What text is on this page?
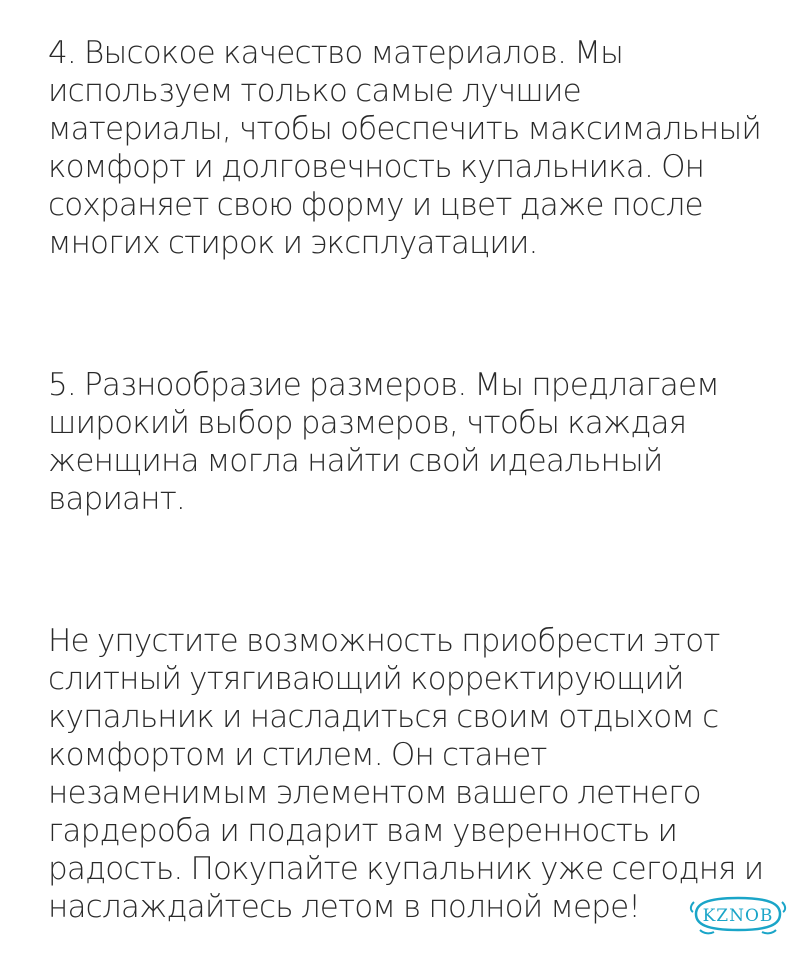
4. Высокое качество материалов. Мы
используем только самые лучшие
материалы, чтобы обеспечить максимальный
комфорт и долговечность купальника. Он
сохраняет свою форму и цвет даже после
многих стирок и эксплуатации.

5. Разнообразие размеров. Мы предлагаем
широкий выбор размеров, чтобы каждая
женщина могла найти свой идеальный
вариант.

Не упустите возможность приобрести этот
слитный утягивающий корректирующий
купальник и насладиться своим отдыхом с
комфортом и стилем. Он станет
незаменимым элементом вашего летнего
гардероба и подарит вам уверенность и
радость. Покупайте купальник уже сегодня и
наслаждайтесь летом в полной мере!	KZNOB
